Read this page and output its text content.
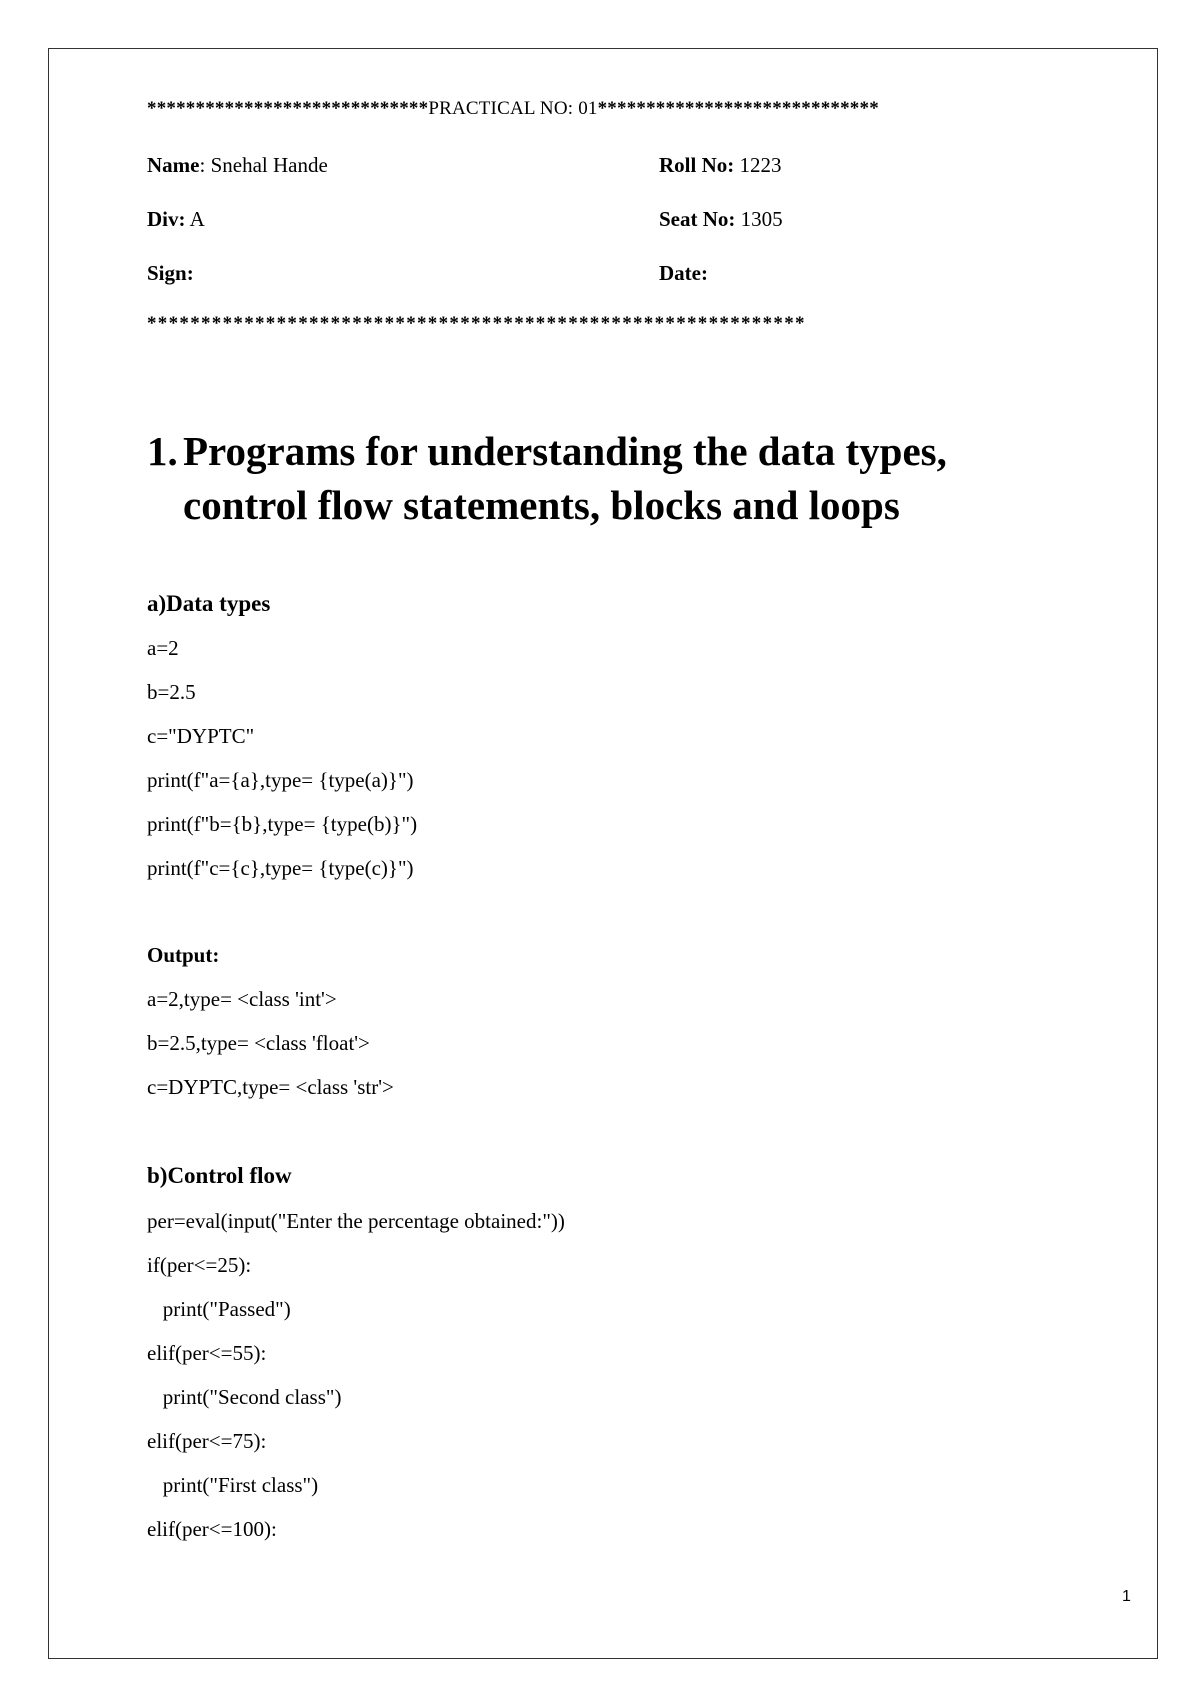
*****************************PRACTICAL NO: 01*****************************
Name: Snehal Hande	Roll No: 1223
Div: A	Seat No: 1305
Sign:	Date:
*************************************************************
1. Programs for understanding the data types,
control flow statements, blocks and loops
a)Data types
a=2
b=2.5
c="DYPTC"
print(f"a={a},type= {type(a)}")
print(f"b={b},type= {type(b)}")
print(f"c={c},type= {type(c)}")
Output:
a=2,type= <class 'int'>
b=2.5,type= <class 'float'>
c=DYPTC,type= <class 'str'>
b)Control flow
per=eval(input("Enter the percentage obtained:"))
if(per<=25):
print("Passed")
elif(per<=55):
print("Second class")
elif(per<=75):
print("First class")
elif(per<=100):
1
